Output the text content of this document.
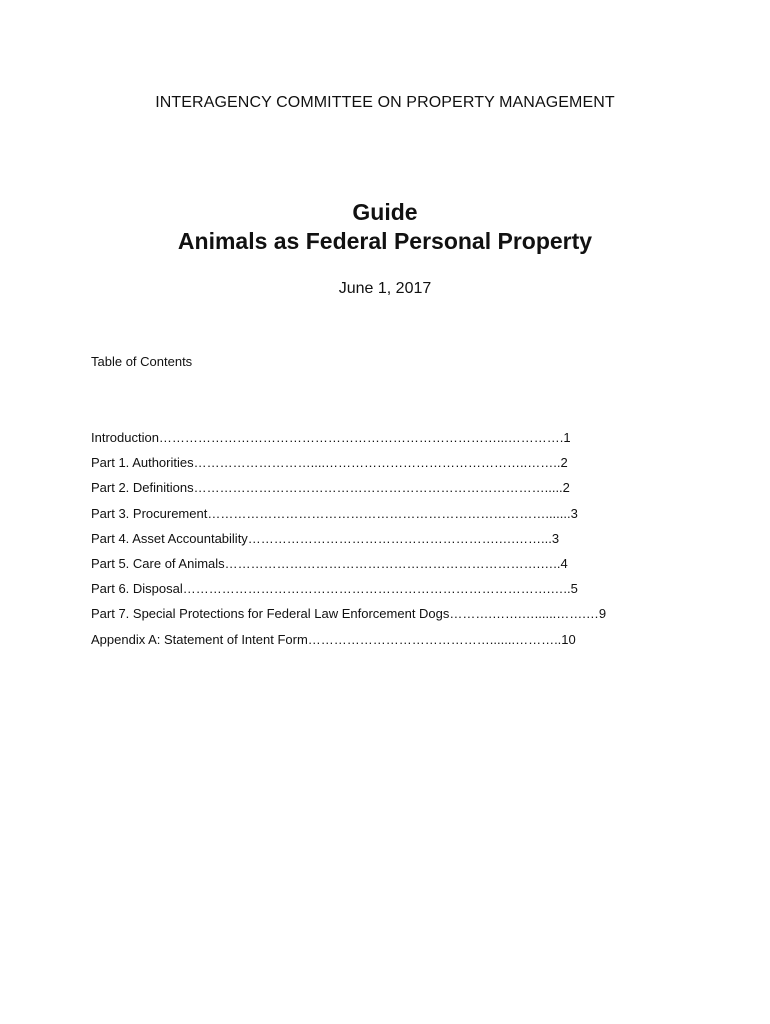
INTERAGENCY COMMITTEE ON PROPERTY MANAGEMENT
Guide
Animals as Federal Personal Property
June 1, 2017
Table of Contents
Introduction……………………………………………………………………...………….1
Part 1. Authorities………………………....………………………………………..……..2
Part 2. Definitions……………………………………………………………………….....2
Part 3. Procurement…………………………………………………………………….......3
Part 4. Asset Accountability………………………………………………….….……...3
Part 5. Care of Animals……………………………………………………………….…..4
Part 6. Disposal………………………………………………………………………….…..5
Part 7. Special Protections for Federal Law Enforcement Dogs……….…….…......…….…9
Appendix A: Statement of Intent Form…………………………………….......………..10
